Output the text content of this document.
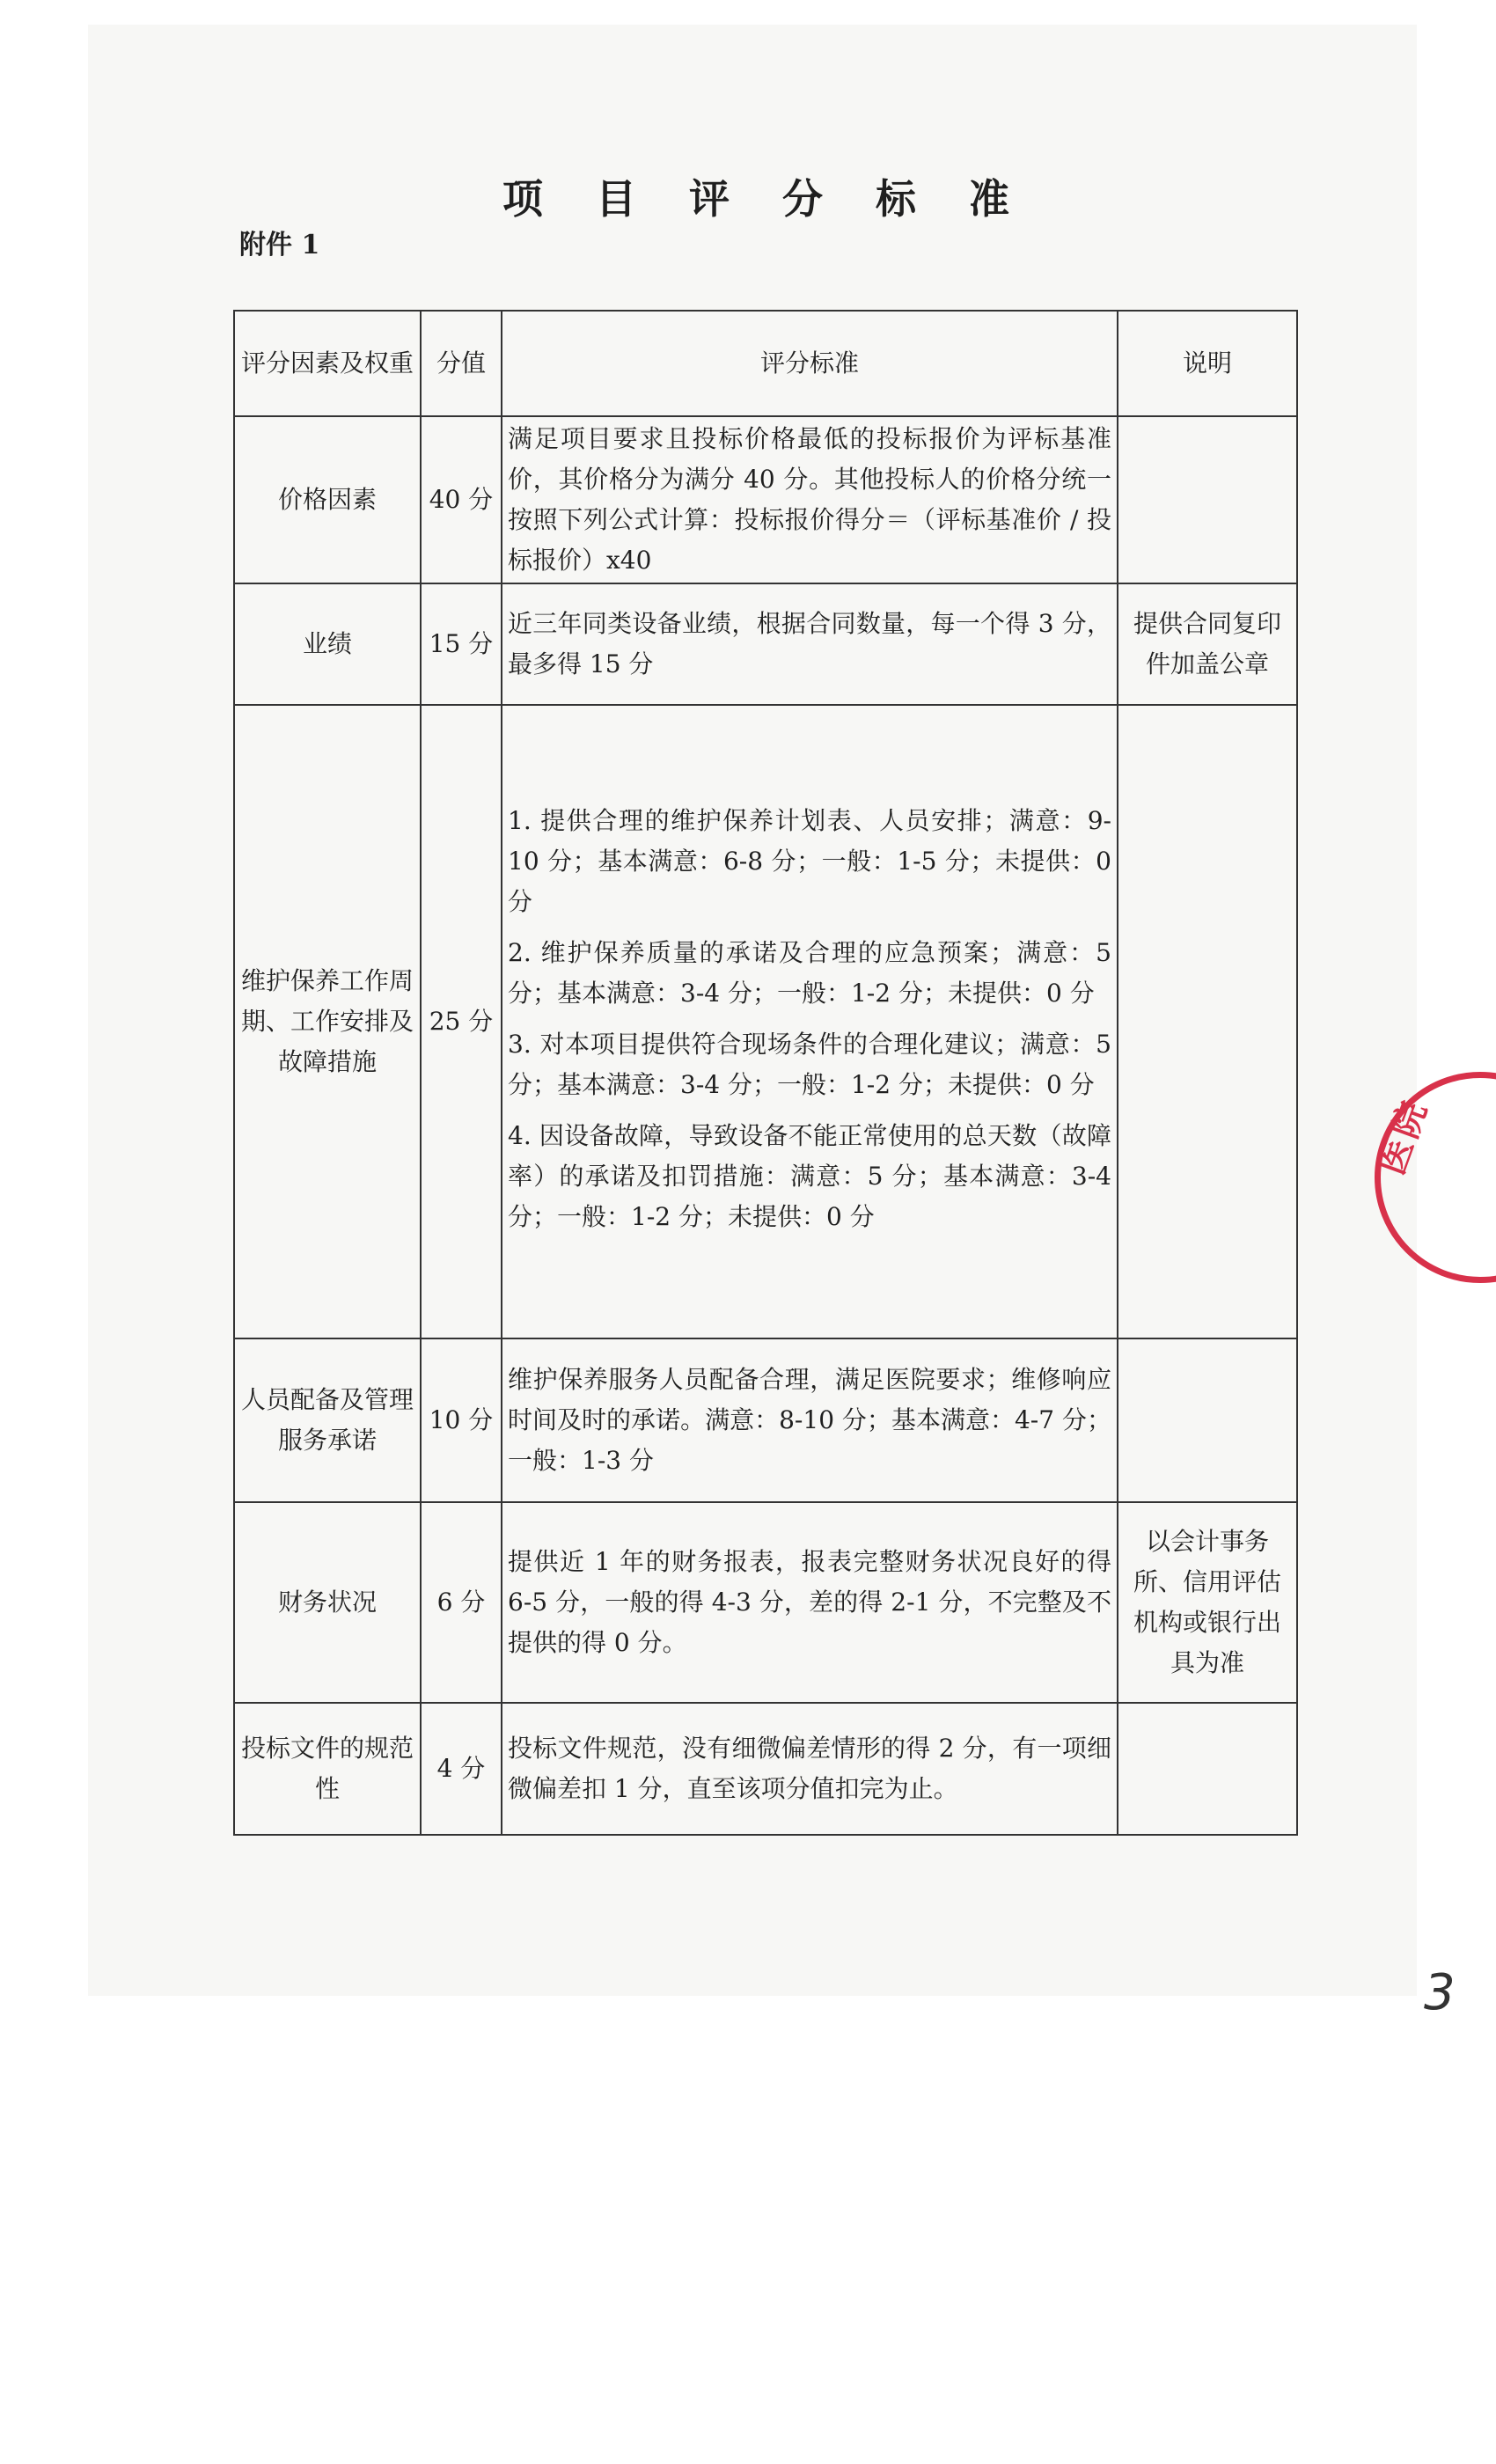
项 目 评 分 标 准
附件 1
评分因素及权重	分值	评分标准	说明
价格因素	40 分	满足项目要求且投标价格最低的投标报价为评标基准价，其价格分为满分 40 分。其他投标人的价格分统一按照下列公式计算：投标报价得分＝（评标基准价 / 投标报价）x40	

业绩	15 分	近三年同类设备业绩，根据合同数量，每一个得 3 分，最多得 15 分	提供合同复印件加盖公章
维护保养工作周期、工作安排及故障措施	25 分	1. 提供合理的维护保养计划表、人员安排；满意：9-10 分；基本满意：6-8 分；一般：1-5 分；未提供：0 分
2. 维护保养质量的承诺及合理的应急预案；满意：5 分；基本满意：3-4 分；一般：1-2 分；未提供：0 分
3. 对本项目提供符合现场条件的合理化建议；满意：5 分；基本满意：3-4 分；一般：1-2 分；未提供：0 分
4. 因设备故障，导致设备不能正常使用的总天数（故障率）的承诺及扣罚措施：满意：5 分；基本满意：3-4 分；一般：1-2 分；未提供：0 分	

人员配备及管理服务承诺	10 分	维护保养服务人员配备合理，满足医院要求；维修响应时间及时的承诺。满意：8-10 分；基本满意：4-7 分；一般：1-3 分	

财务状况	6 分	提供近 1 年的财务报表，报表完整财务状况良好的得 6-5 分，一般的得 4-3 分，差的得 2-1 分，不完整及不提供的得 0 分。	以会计事务所、信用评估机构或银行出具为准
投标文件的规范性	4 分	投标文件规范，没有细微偏差情形的得 2 分，有一项细微偏差扣 1 分，直至该项分值扣完为止。	

医院
3
